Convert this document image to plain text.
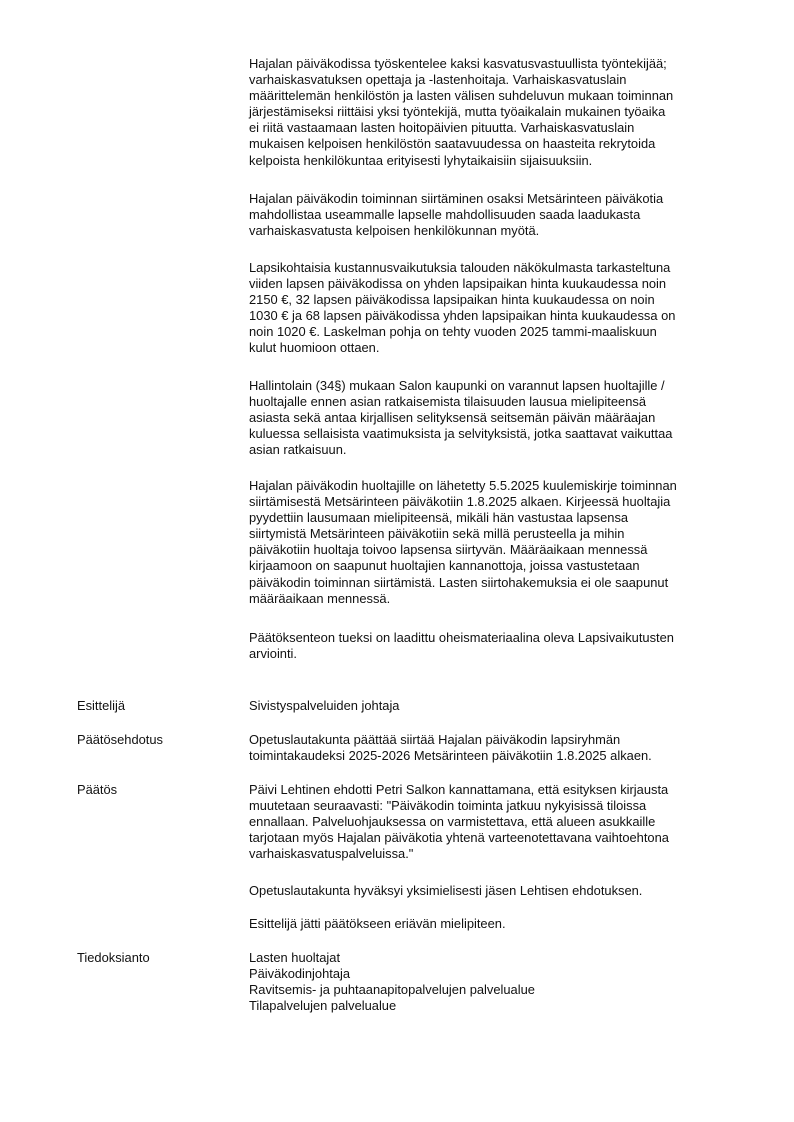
Hajalan päiväkodissa työskentelee kaksi kasvatusvastuullista työntekijää;
varhaiskasvatuksen opettaja ja -lastenhoitaja. Varhaiskasvatuslain
määrittelemän henkilöstön ja lasten välisen suhdeluvun mukaan toiminnan
järjestämiseksi riittäisi yksi työntekijä, mutta työaikalain mukainen työaika
ei riitä vastaamaan lasten hoitopäivien pituutta. Varhaiskasvatuslain
mukaisen kelpoisen henkilöstön saatavuudessa on haasteita rekrytoida
kelpoista henkilökuntaa erityisesti lyhytaikaisiin sijaisuuksiin.

Hajalan päiväkodin toiminnan siirtäminen osaksi Metsärinteen päiväkotia
mahdollistaa useammalle lapselle mahdollisuuden saada laadukasta
varhaiskasvatusta kelpoisen henkilökunnan myötä.

Lapsikohtaisia kustannusvaikutuksia talouden näkökulmasta tarkasteltuna
viiden lapsen päiväkodissa on yhden lapsipaikan hinta kuukaudessa noin
2150 €, 32 lapsen päiväkodissa lapsipaikan hinta kuukaudessa on noin
1030 € ja 68 lapsen päiväkodissa yhden lapsipaikan hinta kuukaudessa on
noin 1020 €. Laskelman pohja on tehty vuoden 2025 tammi-maaliskuun
kulut huomioon ottaen.

Hallintolain (34§) mukaan Salon kaupunki on varannut lapsen huoltajille /
huoltajalle ennen asian ratkaisemista tilaisuuden lausua mielipiteensä
asiasta sekä antaa kirjallisen selityksensä seitsemän päivän määräajan
kuluessa sellaisista vaatimuksista ja selvityksistä, jotka saattavat vaikuttaa
asian ratkaisuun.

Hajalan päiväkodin huoltajille on lähetetty 5.5.2025 kuulemiskirje toiminnan
siirtämisestä Metsärinteen päiväkotiin 1.8.2025 alkaen. Kirjeessä huoltajia
pyydettiin lausumaan mielipiteensä, mikäli hän vastustaa lapsensa
siirtymistä Metsärinteen päiväkotiin sekä millä perusteella ja mihin
päiväkotiin huoltaja toivoo lapsensa siirtyvän. Määräaikaan mennessä
kirjaamoon on saapunut huoltajien kannanottoja, joissa vastustetaan
päiväkodin toiminnan siirtämistä. Lasten siirtohakemuksia ei ole saapunut
määräaikaan mennessä.

Päätöksenteon tueksi on laadittu oheismateriaalina oleva Lapsivaikutusten
arviointi.

Esittelijä	Sivistyspalveluiden johtaja

Päätösehdotus	Opetuslautakunta päättää siirtää Hajalan päiväkodin lapsiryhmän
toimintakaudeksi 2025-2026 Metsärinteen päiväkotiin 1.8.2025 alkaen.

Päätös	Päivi Lehtinen ehdotti Petri Salkon kannattamana, että esityksen kirjausta
muutetaan seuraavasti: "Päiväkodin toiminta jatkuu nykyisissä tiloissa
ennallaan. Palveluohjauksessa on varmistettava, että alueen asukkaille
tarjotaan myös Hajalan päiväkotia yhtenä varteenotettavana vaihtoehtona
varhaiskasvatuspalveluissa."

Opetuslautakunta hyväksyi yksimielisesti jäsen Lehtisen ehdotuksen.

Esittelijä jätti päätökseen eriävän mielipiteen.

Tiedoksianto	Lasten huoltajat
Päiväkodinjohtaja
Ravitsemis- ja puhtaanapitopalvelujen palvelualue
Tilapalvelujen palvelualue
